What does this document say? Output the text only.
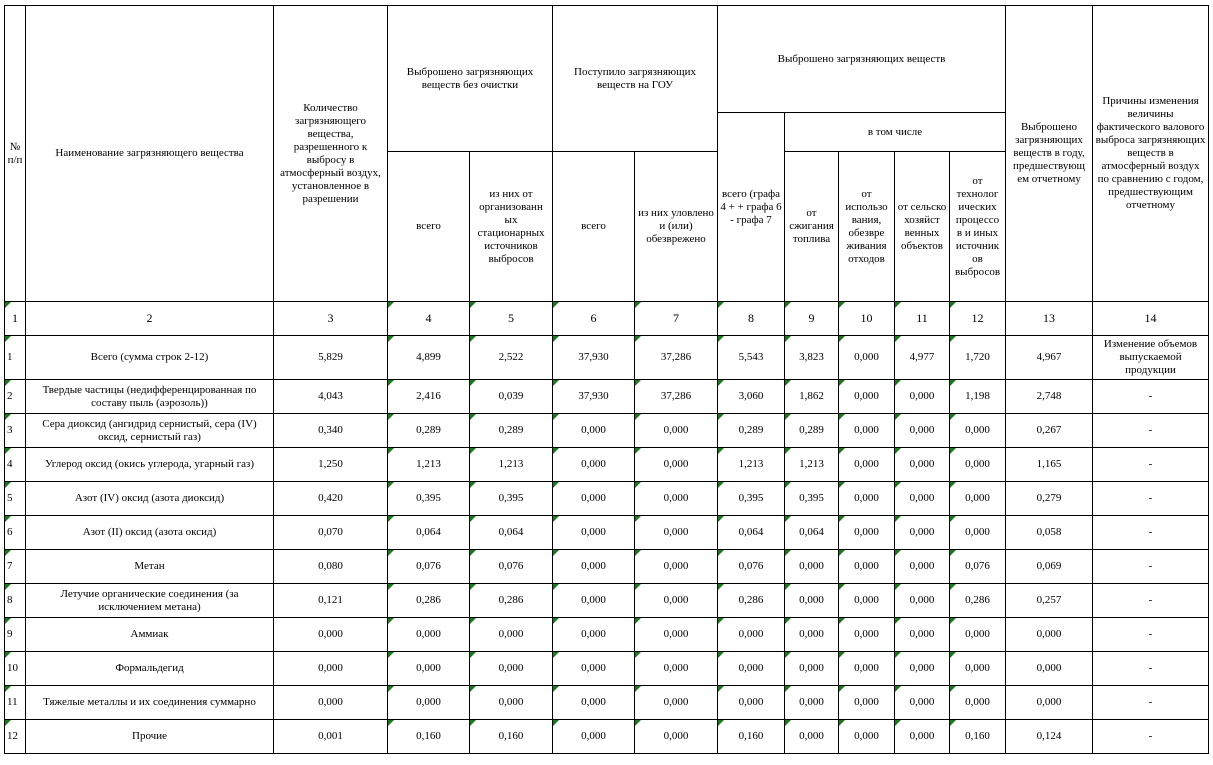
№ п/п	Наименование загрязняющего вещества	Количество загрязняющего вещества, разрешенного к выбросу в атмосферный воздух, установленное в разрешении	Выброшено загрязняющих веществ без очистки		Поступило загрязняющих веществ на ГОУ		Выброшено загрязняющих веществ					Выброшено загрязняющих веществ в году, предшествующ ем отчетному	Причины изменения величины фактического валового выброса загрязняющих веществ в атмосферный воздух по сравнению с годом, предшествующим отчетному
							всего (графа 4 + + графа 6 - графа 7	в том числе					
			всего	из них от организованн ых стационарных источников выбросов	всего	из них уловлено и (или) обезврежено		от сжигания топлива	от использо вания, обезвре живания отходов	от сельско хозяйст венных объектов	от технолог ических процессо в и иных источник ов выбросов		
1	2	3	4	5	6	7	8	9	10	11	12	13	14
1	Всего (сумма строк 2-12)	5,829	4,899	2,522	37,930	37,286	5,543	3,823	0,000	4,977	1,720	4,967	Изменение объемов выпускаемой продукции
2	Твердые частицы (недифференцированная по составу пыль (аэрозоль))	4,043	2,416	0,039	37,930	37,286	3,060	1,862	0,000	0,000	1,198	2,748	-
3	Сера диоксид (ангидрид сернистый, сера (IV) оксид, сернистый газ)	0,340	0,289	0,289	0,000	0,000	0,289	0,289	0,000	0,000	0,000	0,267	-
4	Углерод оксид (окись углерода, угарный газ)	1,250	1,213	1,213	0,000	0,000	1,213	1,213	0,000	0,000	0,000	1,165	-
5	Азот (IV) оксид (азота диоксид)	0,420	0,395	0,395	0,000	0,000	0,395	0,395	0,000	0,000	0,000	0,279	-
6	Азот (II) оксид (азота оксид)	0,070	0,064	0,064	0,000	0,000	0,064	0,064	0,000	0,000	0,000	0,058	-
7	Метан	0,080	0,076	0,076	0,000	0,000	0,076	0,000	0,000	0,000	0,076	0,069	-
8	Летучие органические соединения (за исключением метана)	0,121	0,286	0,286	0,000	0,000	0,286	0,000	0,000	0,000	0,286	0,257	-
9	Аммиак	0,000	0,000	0,000	0,000	0,000	0,000	0,000	0,000	0,000	0,000	0,000	-
10	Формальдегид	0,000	0,000	0,000	0,000	0,000	0,000	0,000	0,000	0,000	0,000	0,000	-
11	Тяжелые металлы и их соединения суммарно	0,000	0,000	0,000	0,000	0,000	0,000	0,000	0,000	0,000	0,000	0,000	-
12	Прочие	0,001	0,160	0,160	0,000	0,000	0,160	0,000	0,000	0,000	0,160	0,124	-
